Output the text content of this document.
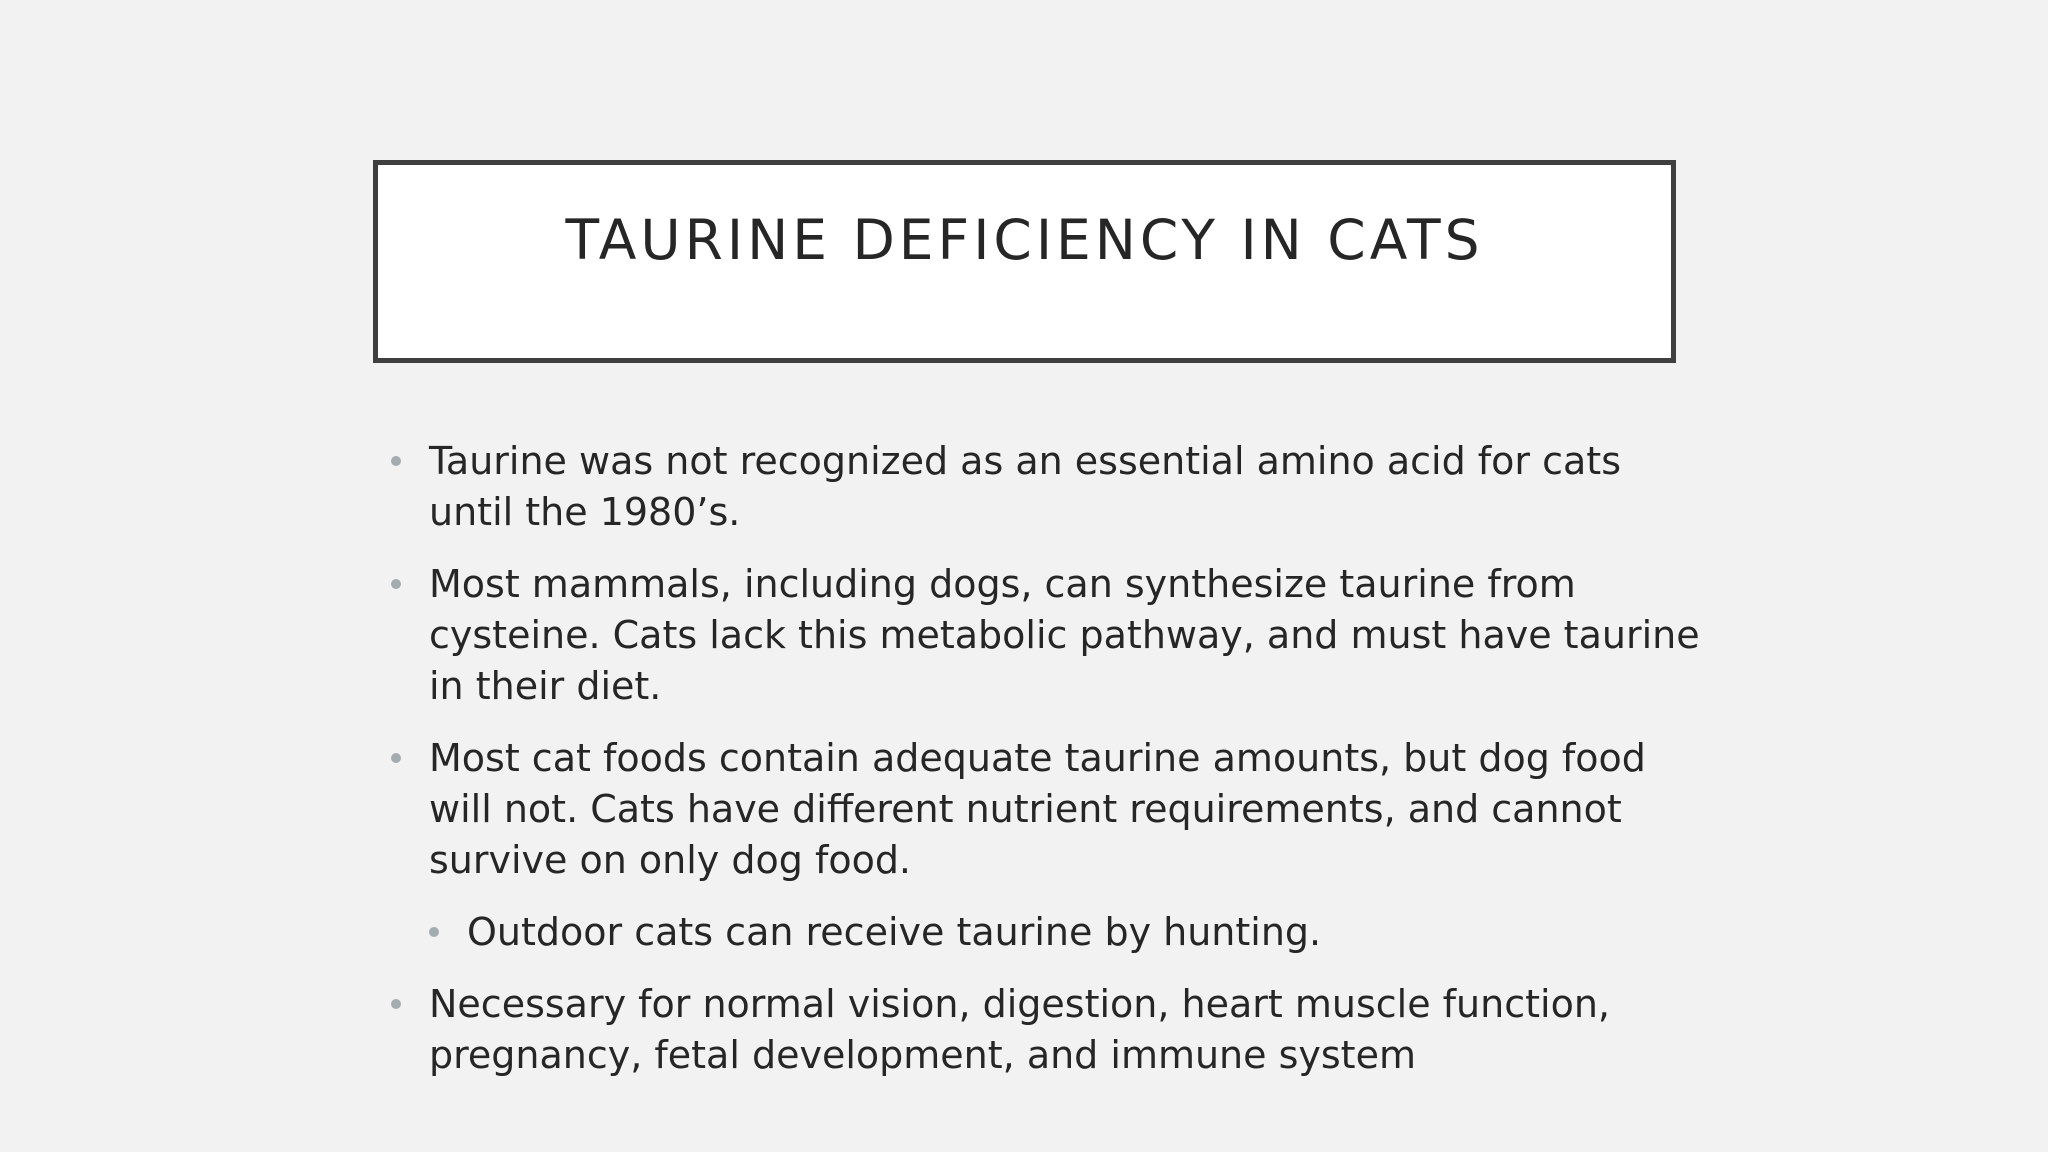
TAURINE DEFICIENCY IN CATS
Taurine was not recognized as an essential amino acid for cats
until the 1980’s.
Most mammals, including dogs, can synthesize taurine from
cysteine. Cats lack this metabolic pathway, and must have taurine
in their diet.
Most cat foods contain adequate taurine amounts, but dog food
will not. Cats have different nutrient requirements, and cannot
survive on only dog food.
Outdoor cats can receive taurine by hunting.
Necessary for normal vision, digestion, heart muscle function,
pregnancy, fetal development, and immune system
